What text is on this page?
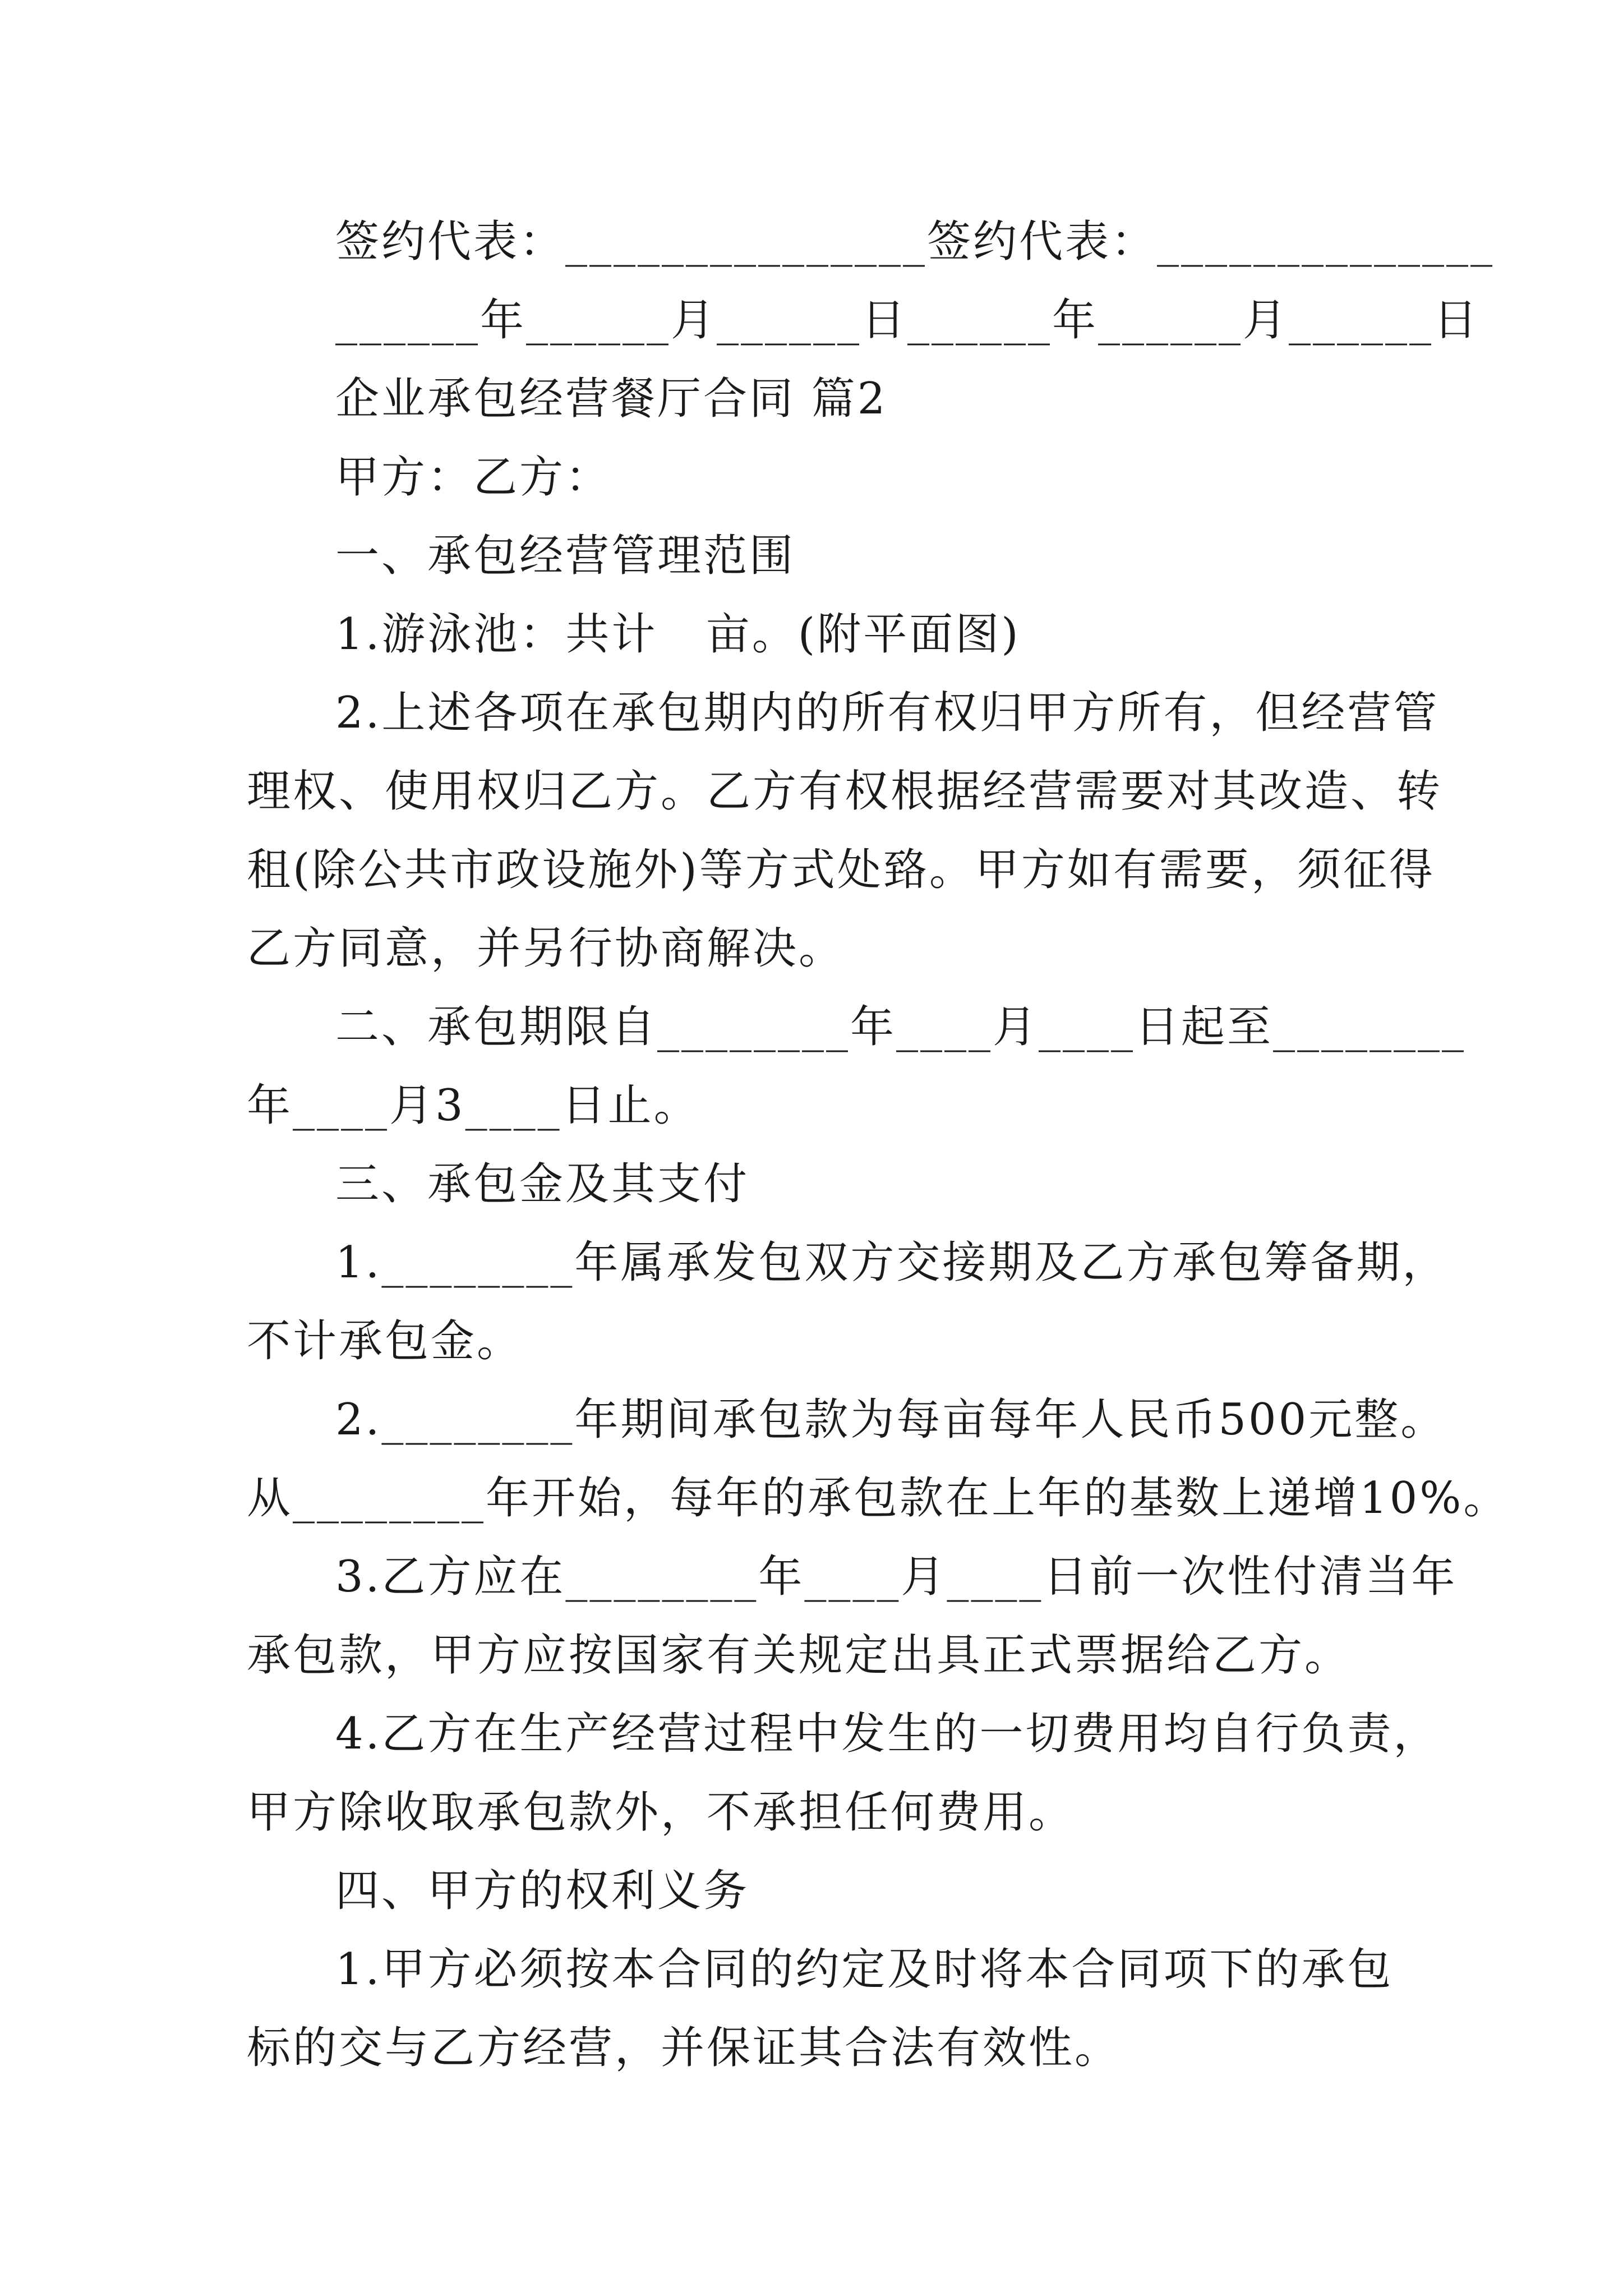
签约代表：_______________签约代表：______________
______年______月______日______年______月______日
企业承包经营餐厅合同 篇2
甲方：乙方：
一、承包经营管理范围
1.游泳池：共计   亩。(附平面图)
2.上述各项在承包期内的所有权归甲方所有，但经营管
理权、使用权归乙方。乙方有权根据经营需要对其改造、转
租(除公共市政设施外)等方式处臵。甲方如有需要，须征得
乙方同意，并另行协商解决。
二、承包期限自________年____月____日起至________
年____月3____日止。
三、承包金及其支付
1.________年属承发包双方交接期及乙方承包筹备期，
不计承包金。
2.________年期间承包款为每亩每年人民币500元整。
从________年开始，每年的承包款在上年的基数上递增10%。
3.乙方应在________年____月____日前一次性付清当年
承包款，甲方应按国家有关规定出具正式票据给乙方。
4.乙方在生产经营过程中发生的一切费用均自行负责，
甲方除收取承包款外，不承担任何费用。
四、甲方的权利义务
1.甲方必须按本合同的约定及时将本合同项下的承包
标的交与乙方经营，并保证其合法有效性。
